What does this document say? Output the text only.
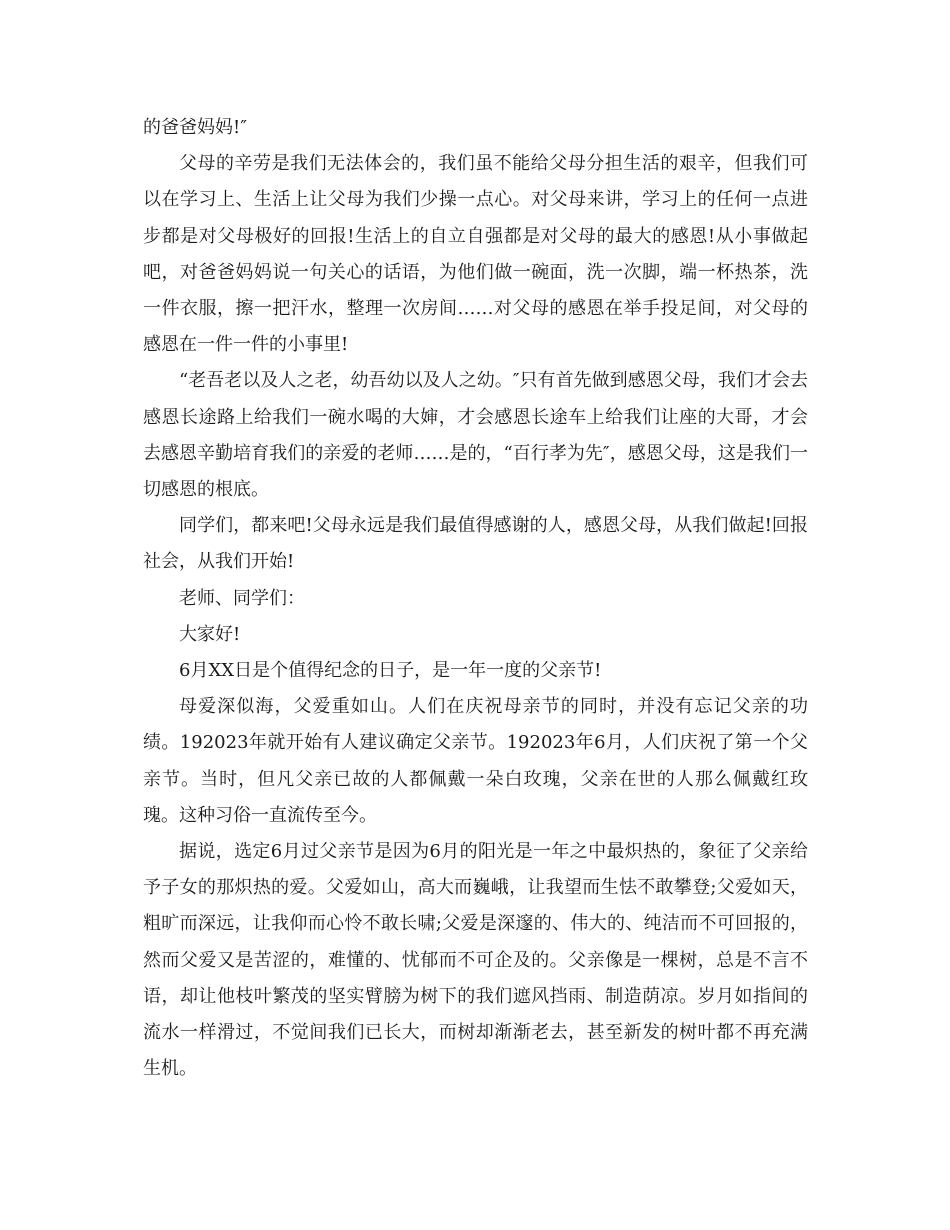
的爸爸妈妈!″

父母的辛劳是我们无法体会的，我们虽不能给父母分担生活的艰辛，但我们可以在学习上、生活上让父母为我们少操一点心。对父母来讲，学习上的任何一点进步都是对父母极好的回报!生活上的自立自强都是对父母的最大的感恩!从小事做起吧，对爸爸妈妈说一句关心的话语，为他们做一碗面，洗一次脚，端一杯热茶，洗一件衣服，擦一把汗水，整理一次房间……对父母的感恩在举手投足间，对父母的感恩在一件一件的小事里!

“老吾老以及人之老，幼吾幼以及人之幼。″只有首先做到感恩父母，我们才会去感恩长途路上给我们一碗水喝的大婶，才会感恩长途车上给我们让座的大哥，才会去感恩辛勤培育我们的亲爱的老师……是的，“百行孝为先″，感恩父母，这是我们一切感恩的根底。

同学们，都来吧!父母永远是我们最值得感谢的人，感恩父母，从我们做起!回报社会，从我们开始!

老师、同学们：

大家好!

6月XX日是个值得纪念的日子，是一年一度的父亲节!

母爱深似海，父爱重如山。人们在庆祝母亲节的同时，并没有忘记父亲的功绩。192023年就开始有人建议确定父亲节。192023年6月，人们庆祝了第一个父亲节。当时，但凡父亲已故的人都佩戴一朵白玫瑰，父亲在世的人那么佩戴红玫瑰。这种习俗一直流传至今。

据说，选定6月过父亲节是因为6月的阳光是一年之中最炽热的，象征了父亲给予子女的那炽热的爱。父爱如山，高大而巍峨，让我望而生怯不敢攀登;父爱如天，粗旷而深远，让我仰而心怜不敢长啸;父爱是深邃的、伟大的、纯洁而不可回报的，然而父爱又是苦涩的，难懂的、忧郁而不可企及的。父亲像是一棵树，总是不言不语，却让他枝叶繁茂的坚实臂膀为树下的我们遮风挡雨、制造荫凉。岁月如指间的流水一样滑过，不觉间我们已长大，而树却渐渐老去，甚至新发的树叶都不再充满生机。
